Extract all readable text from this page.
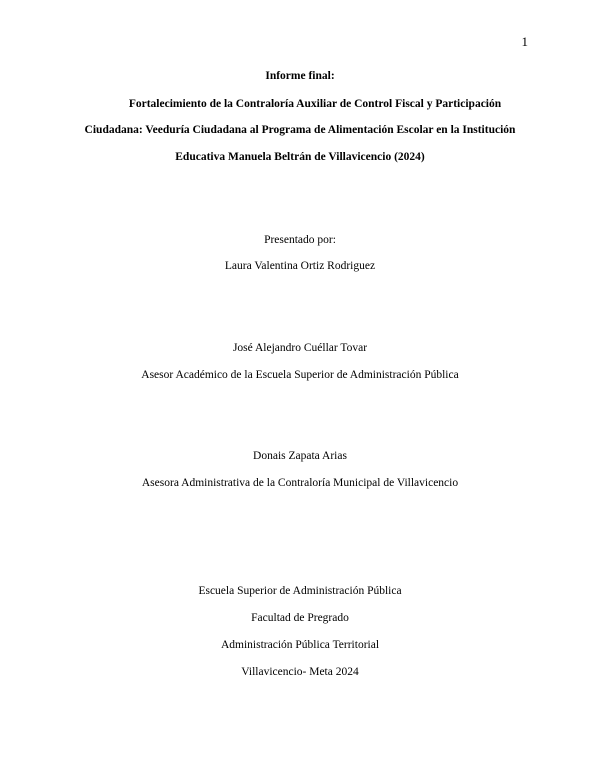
1
Informe final:
Fortalecimiento de la Contraloría Auxiliar de Control Fiscal y Participación
Ciudadana: Veeduría Ciudadana al Programa de Alimentación Escolar en la Institución
Educativa Manuela Beltrán de Villavicencio (2024)
Presentado por:
Laura Valentina Ortiz Rodriguez
José Alejandro Cuéllar Tovar
Asesor Académico de la Escuela Superior de Administración Pública
Donais Zapata Arias
Asesora Administrativa de la Contraloría Municipal de Villavicencio
Escuela Superior de Administración Pública
Facultad de Pregrado
Administración Pública Territorial
Villavicencio- Meta 2024
